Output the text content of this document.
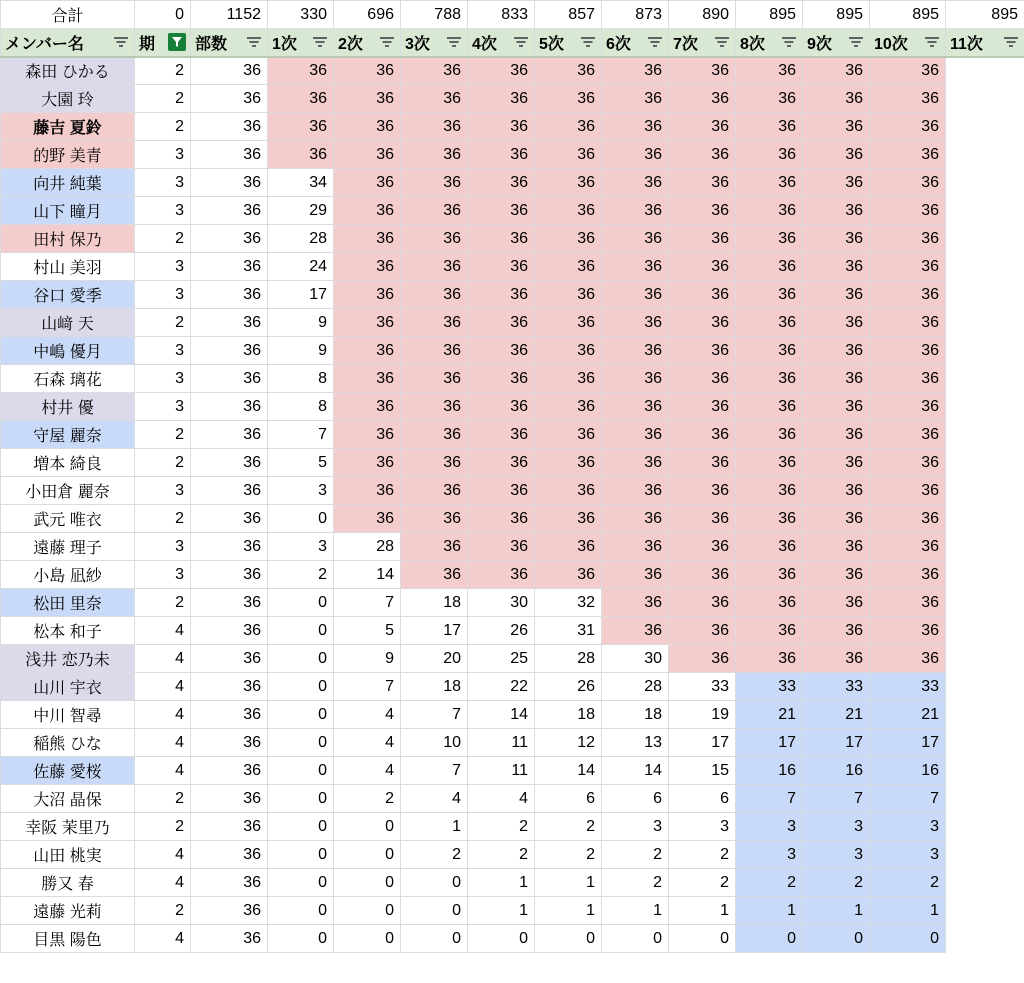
合計	0	1152	330	696	788	833	857	873	890	895	895	895	895

メンバー名	期	部数	1次	2次	3次	4次	5次	6次	7次	8次	9次	10次	11次

森田 ひかる	2	36	36	36	36	36	36	36	36	36	36	36	
大園 玲	2	36	36	36	36	36	36	36	36	36	36	36	
藤吉 夏鈴	2	36	36	36	36	36	36	36	36	36	36	36	
的野 美青	3	36	36	36	36	36	36	36	36	36	36	36	
向井 純葉	3	36	34	36	36	36	36	36	36	36	36	36	
山下 瞳月	3	36	29	36	36	36	36	36	36	36	36	36	
田村 保乃	2	36	28	36	36	36	36	36	36	36	36	36	
村山 美羽	3	36	24	36	36	36	36	36	36	36	36	36	
谷口 愛季	3	36	17	36	36	36	36	36	36	36	36	36	
山﨑 天	2	36	9	36	36	36	36	36	36	36	36	36	
中嶋 優月	3	36	9	36	36	36	36	36	36	36	36	36	
石森 璃花	3	36	8	36	36	36	36	36	36	36	36	36	
村井 優	3	36	8	36	36	36	36	36	36	36	36	36	
守屋 麗奈	2	36	7	36	36	36	36	36	36	36	36	36	
増本 綺良	2	36	5	36	36	36	36	36	36	36	36	36	
小田倉 麗奈	3	36	3	36	36	36	36	36	36	36	36	36	
武元 唯衣	2	36	0	36	36	36	36	36	36	36	36	36	
遠藤 理子	3	36	3	28	36	36	36	36	36	36	36	36	
小島 凪紗	3	36	2	14	36	36	36	36	36	36	36	36	
松田 里奈	2	36	0	7	18	30	32	36	36	36	36	36	
松本 和子	4	36	0	5	17	26	31	36	36	36	36	36	
浅井 恋乃未	4	36	0	9	20	25	28	30	36	36	36	36	
山川 宇衣	4	36	0	7	18	22	26	28	33	33	33	33	
中川 智尋	4	36	0	4	7	14	18	18	19	21	21	21	
稲熊 ひな	4	36	0	4	10	11	12	13	17	17	17	17	
佐藤 愛桜	4	36	0	4	7	11	14	14	15	16	16	16	
大沼 晶保	2	36	0	2	4	4	6	6	6	7	7	7	
幸阪 茉里乃	2	36	0	0	1	2	2	3	3	3	3	3	
山田 桃実	4	36	0	0	2	2	2	2	2	3	3	3	
勝又 春	4	36	0	0	0	1	1	2	2	2	2	2	
遠藤 光莉	2	36	0	0	0	1	1	1	1	1	1	1	
目黒 陽色	4	36	0	0	0	0	0	0	0	0	0	0	
